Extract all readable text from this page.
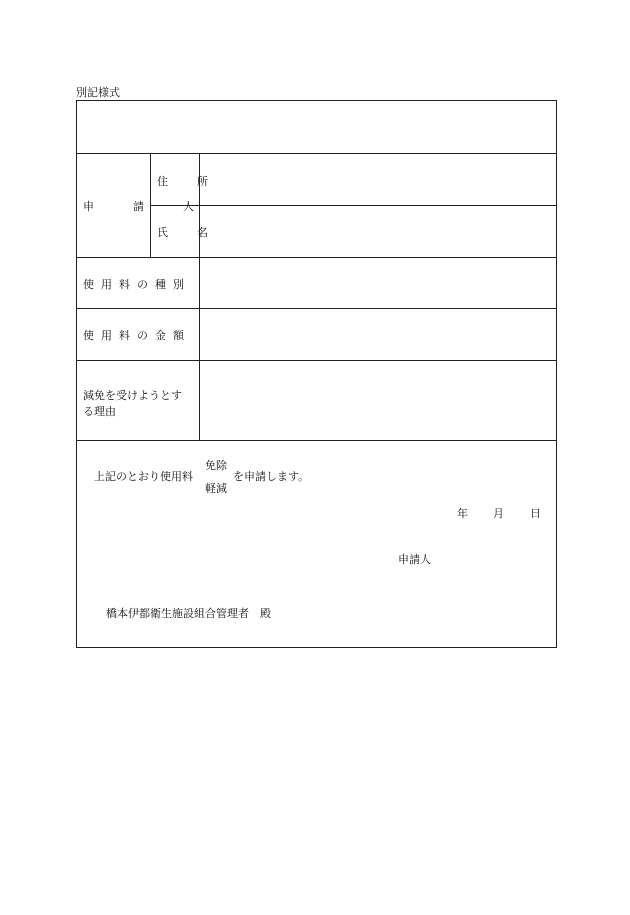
別記様式
申　請　人
住　所
氏　名
使用料の種別
使用料の金額
減免を受けようとす
る理由
上記のとおり使用料
免除
軽減
を申請します。
年 月 日
申請人
橋本伊都衛生施設組合管理者　殿
